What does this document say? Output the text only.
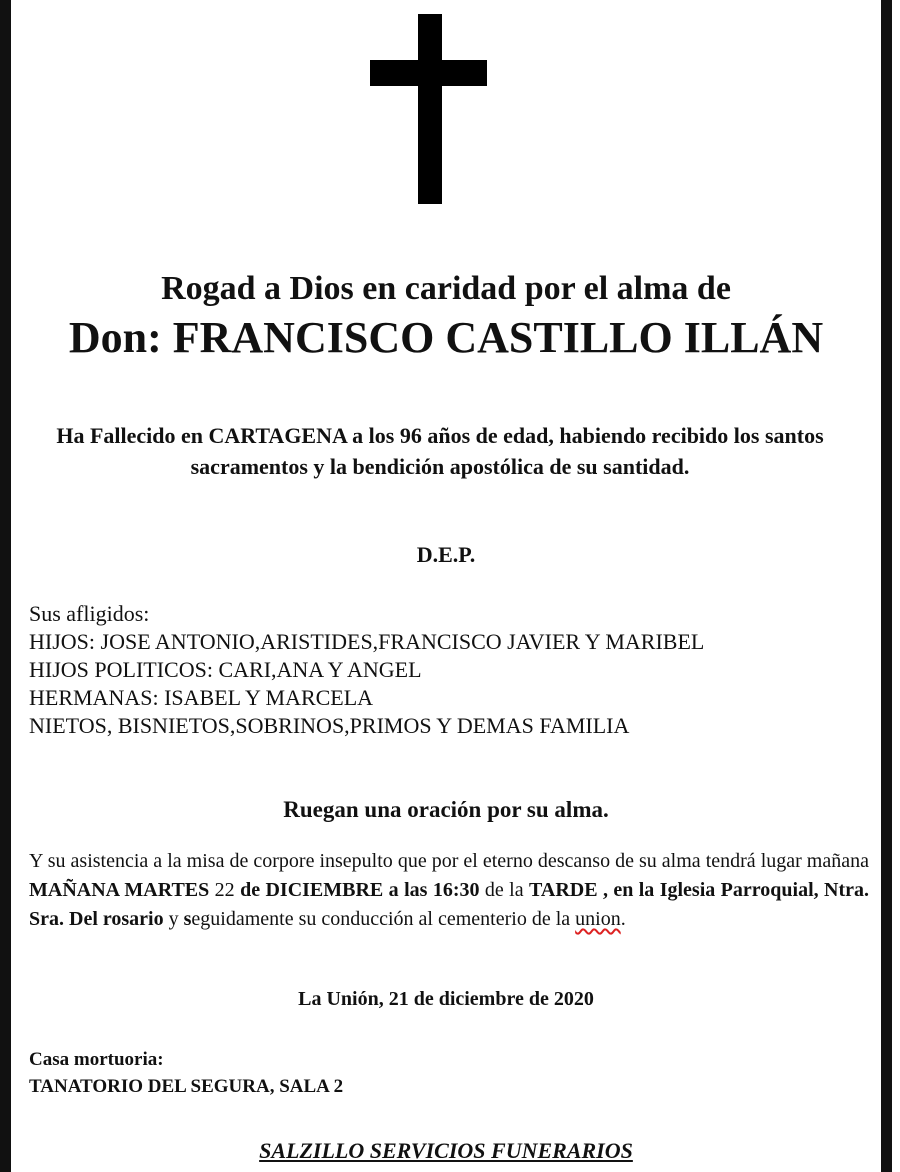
Rogad a Dios en caridad por el alma de
Don: FRANCISCO CASTILLO ILLÁN
Ha Fallecido en CARTAGENA a los 96 años de edad, habiendo recibido los santos sacramentos y la bendición apostólica de su santidad.
D.E.P.
Sus afligidos:
HIJOS: JOSE ANTONIO,ARISTIDES,FRANCISCO JAVIER Y MARIBEL
HIJOS POLITICOS: CARI,ANA Y ANGEL
HERMANAS: ISABEL Y MARCELA
NIETOS, BISNIETOS,SOBRINOS,PRIMOS Y DEMAS FAMILIA
Ruegan una oración por su alma.
Y su asistencia a la misa de corpore insepulto que por el eterno descanso de su alma tendrá lugar mañana MAÑANA MARTES 22 de DICIEMBRE a las 16:30 de la TARDE , en la Iglesia Parroquial, Ntra. Sra. Del rosario y seguidamente su conducción al cementerio de la union.
La Unión, 21 de diciembre de 2020
Casa mortuoria:
TANATORIO DEL SEGURA, SALA 2
SALZILLO SERVICIOS FUNERARIOS
